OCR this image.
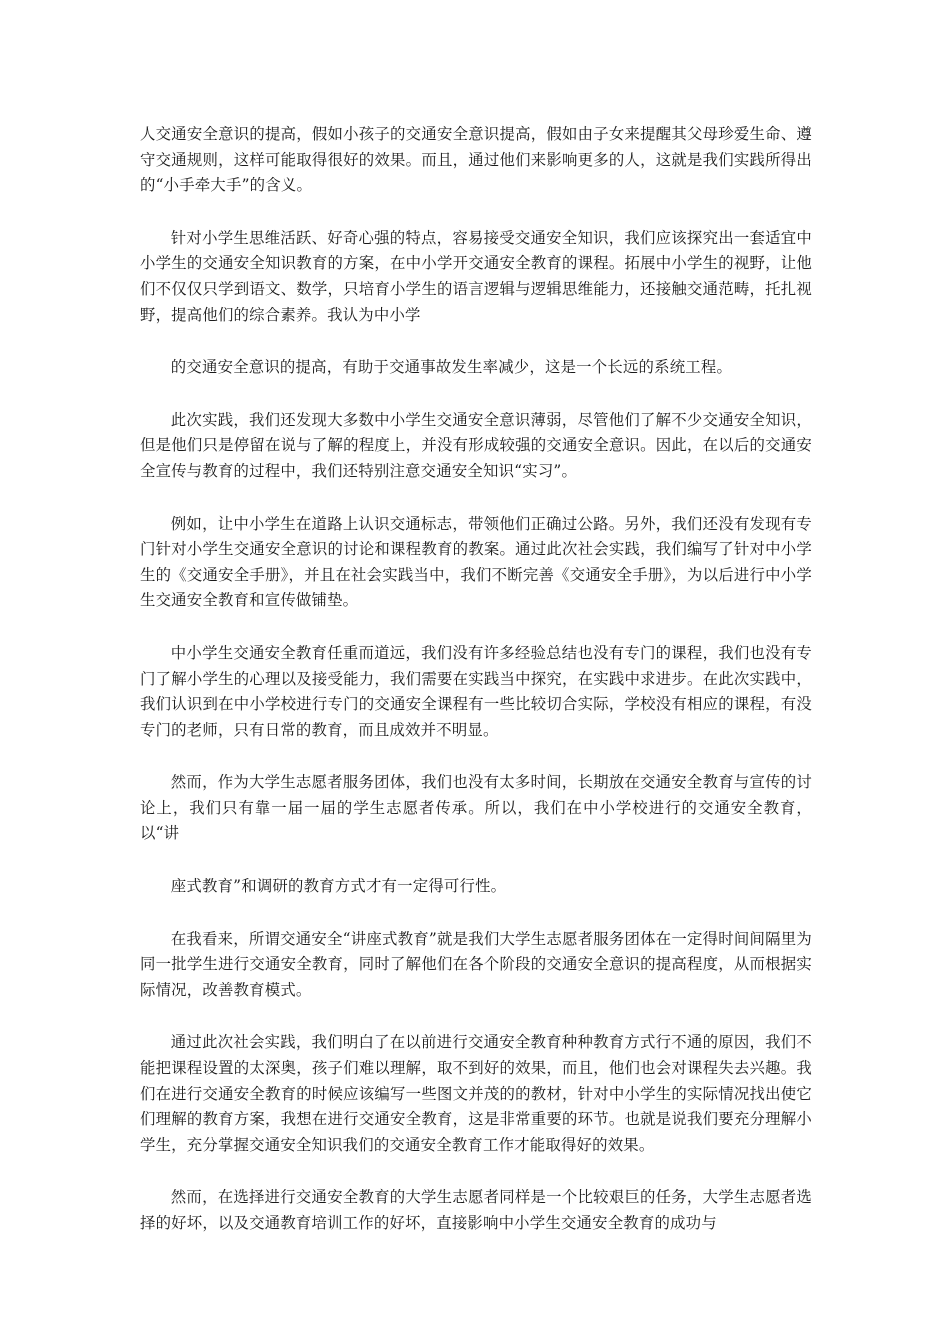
人交通安全意识的提高，假如小孩子的交通安全意识提高，假如由子女来提醒其父母珍爱生命、遵守交通规则，这样可能取得很好的效果。而且，通过他们来影响更多的人，这就是我们实践所得出的“小手牵大手”的含义。

针对小学生思维活跃、好奇心强的特点，容易接受交通安全知识，我们应该探究出一套适宜中小学生的交通安全知识教育的方案，在中小学开交通安全教育的课程。拓展中小学生的视野，让他们不仅仅只学到语文、数学，只培育小学生的语言逻辑与逻辑思维能力，还接触交通范畴，托扎视野，提高他们的综合素养。我认为中小学

的交通安全意识的提高，有助于交通事故发生率减少，这是一个长远的系统工程。

此次实践，我们还发现大多数中小学生交通安全意识薄弱，尽管他们了解不少交通安全知识，但是他们只是停留在说与了解的程度上，并没有形成较强的交通安全意识。因此，在以后的交通安全宣传与教育的过程中，我们还特别注意交通安全知识“实习”。

例如，让中小学生在道路上认识交通标志，带领他们正确过公路。另外，我们还没有发现有专门针对小学生交通安全意识的讨论和课程教育的教案。通过此次社会实践，我们编写了针对中小学生的《交通安全手册》，并且在社会实践当中，我们不断完善《交通安全手册》，为以后进行中小学生交通安全教育和宣传做铺垫。

中小学生交通安全教育任重而道远，我们没有许多经验总结也没有专门的课程，我们也没有专门了解小学生的心理以及接受能力，我们需要在实践当中探究，在实践中求进步。在此次实践中，我们认识到在中小学校进行专门的交通安全课程有一些比较切合实际，学校没有相应的课程，有没专门的老师，只有日常的教育，而且成效并不明显。

然而，作为大学生志愿者服务团体，我们也没有太多时间，长期放在交通安全教育与宣传的讨论上，我们只有靠一届一届的学生志愿者传承。所以，我们在中小学校进行的交通安全教育，以“讲

座式教育”和调研的教育方式才有一定得可行性。

在我看来，所谓交通安全“讲座式教育”就是我们大学生志愿者服务团体在一定得时间间隔里为同一批学生进行交通安全教育，同时了解他们在各个阶段的交通安全意识的提高程度，从而根据实际情况，改善教育模式。

通过此次社会实践，我们明白了在以前进行交通安全教育种种教育方式行不通的原因，我们不能把课程设置的太深奥，孩子们难以理解，取不到好的效果，而且，他们也会对课程失去兴趣。我们在进行交通安全教育的时候应该编写一些图文并茂的的教材，针对中小学生的实际情况找出使它们理解的教育方案，我想在进行交通安全教育，这是非常重要的环节。也就是说我们要充分理解小学生，充分掌握交通安全知识我们的交通安全教育工作才能取得好的效果。

然而，在选择进行交通安全教育的大学生志愿者同样是一个比较艰巨的任务，大学生志愿者选择的好坏，以及交通教育培训工作的好坏，直接影响中小学生交通安全教育的成功与
